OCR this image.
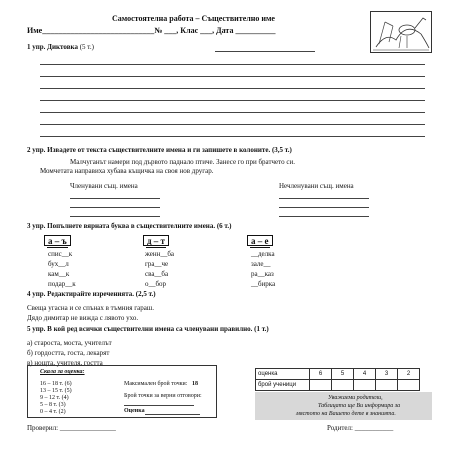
Самостоятелна работа – Съществително име
Име____________________________№ ___, Клас ___, Дата __________
1 упр. Диктовка (5 т.)
2 упр. Извадете от текста съществителните имена и ги запишете в колоните. (3,5 т.)
Малчуганът намери под дървото паднало птиче. Занесе го при братчето си.
Момчетата направиха хубава къщичка на своя нов другар.
Членувани същ. имена	Нечленувани същ. имена
3 упр. Попълнете вярната буква в съществителните имена. (6 т.)
а – ъ
спис__к
бух__л
кам__к
подар__к
д – т
женн__ба
гра__че
сва__ба
о__бор
а – е
__делка
зале__
ра__каз
__бирка
4 упр. Редактирайте изреченията. (2,5 т.)
Свеща угасна и се спънах в тъмния гараш.
Дядо димитар не вижда с лявото ухо.
5 упр. В кой ред всички съществителни имена са членувани правилно. (1 т.)
а) староста, моста, учителът
б) гордостта, госта, лекарят
в) нощта, учителя, гостта
Скала за оценка:
16 – 18 т. (6)
13 – 15 т. (5)
9 – 12 т. (4)
5 – 8 т. (3)
0 – 4 т. (2)
Максимален брой точки: 18
Брой точки за верни отговори:
Оценка
оценка	6	5	4	3	2
брой ученици					
Уважаеми родители,
Таблицата ще Ви информира за
мястото на Вашето дете в знанията.
Проверил: ________________	Родител: ___________
